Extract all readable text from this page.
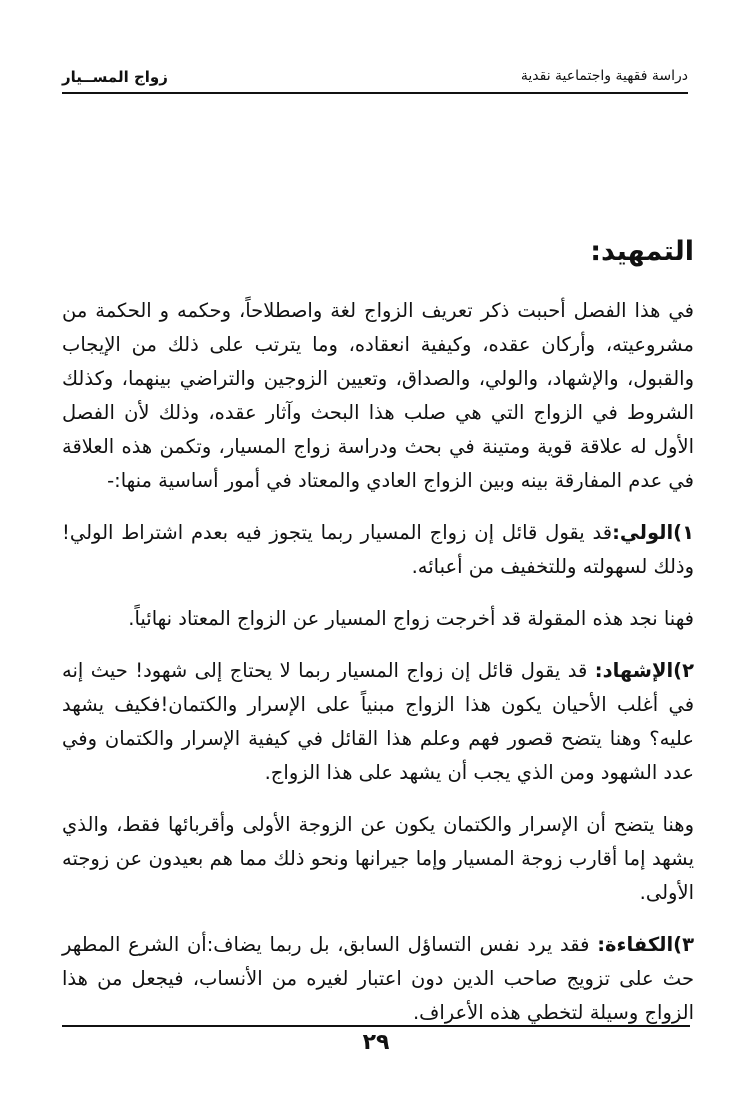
زواج المســيار	دراسة فقهية واجتماعية نقدية
التمهيد:
في هذا الفصل أحببت ذكر تعريف الزواج لغة واصطلاحاً، وحكمه و الحكمة من مشروعيته، وأركان عقده، وكيفية انعقاده، وما يترتب على ذلك من الإيجاب والقبول، والإشهاد، والولي، والصداق، وتعيين الزوجين والتراضي بينهما، وكذلك الشروط في الزواج التي هي صلب هذا البحث وآثار عقده، وذلك لأن الفصل الأول له علاقة قوية ومتينة في بحث ودراسة زواج المسيار، وتكمن هذه العلاقة في عدم المفارقة بينه وبين الزواج العادي والمعتاد في أمور أساسية منها:-
١)الولي:قد يقول قائل إن زواج المسيار ربما يتجوز فيه بعدم اشتراط الولي! وذلك لسهولته وللتخفيف من أعبائه.
فهنا نجد هذه المقولة قد أخرجت زواج المسيار عن الزواج المعتاد نهائياً.
٢)الإشهاد: قد يقول قائل إن زواج المسيار ربما لا يحتاج إلى شهود! حيث إنه في أغلب الأحيان يكون هذا الزواج مبنياً على الإسرار والكتمان!فكيف يشهد عليه؟ وهنا يتضح قصور فهم وعلم هذا القائل في كيفية الإسرار والكتمان وفي عدد الشهود ومن الذي يجب أن يشهد على هذا الزواج.
وهنا يتضح أن الإسرار والكتمان يكون عن الزوجة الأولى وأقربائها فقط، والذي يشهد إما أقارب زوجة المسيار وإما جيرانها ونحو ذلك مما هم بعيدون عن زوجته الأولى.
٣)الكفاءة: فقد يرد نفس التساؤل السابق، بل ربما يضاف:أن الشرع المطهر حث على تزويج صاحب الدين دون اعتبار لغيره من الأنساب، فيجعل من هذا الزواج وسيلة لتخطي هذه الأعراف.
٢٩
